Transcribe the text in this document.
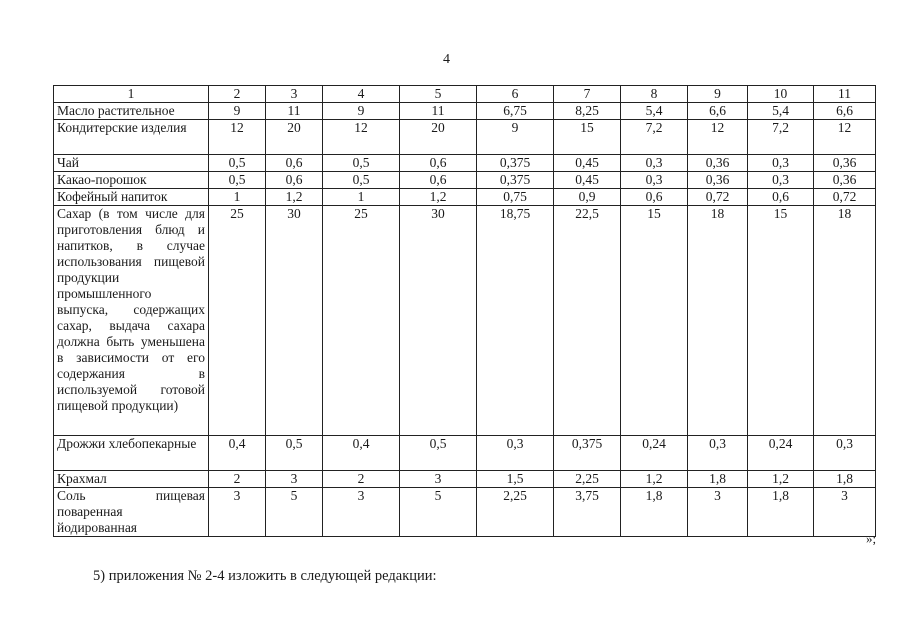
4
1	2	3	4	5	6	7	8	9	10	11
Масло растительное	9	11	9	11	6,75	8,25	5,4	6,6	5,4	6,6
Кондитерские изделия	12	20	12	20	9	15	7,2	12	7,2	12
Чай	0,5	0,6	0,5	0,6	0,375	0,45	0,3	0,36	0,3	0,36
Какао-порошок	0,5	0,6	0,5	0,6	0,375	0,45	0,3	0,36	0,3	0,36
Кофейный напиток	1	1,2	1	1,2	0,75	0,9	0,6	0,72	0,6	0,72
Сахар (в том числе для приготовления блюд и напитков, в случае использования пищевой продукции промышленного выпуска, содержащих сахар, выдача сахара должна быть уменьшена в зависимости от его содержания в используемой готовой пищевой продукции)	25	30	25	30	18,75	22,5	15	18	15	18
Дрожжи хлебопекарные	0,4	0,5	0,4	0,5	0,3	0,375	0,24	0,3	0,24	0,3
Крахмал	2	3	2	3	1,5	2,25	1,2	1,8	1,2	1,8
Соль пищевая поваренная йодированная	3	5	3	5	2,25	3,75	1,8	3	1,8	3
»;
5) приложения № 2-4 изложить в следующей редакции:
